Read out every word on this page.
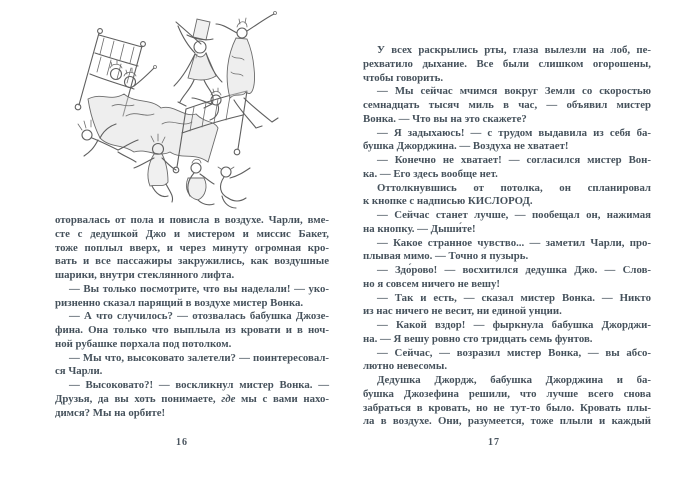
оторвалась от пола и повисла в воздухе. Чарли, вме-
сте с дедушкой Джо и мистером и миссис Бакет,
тоже поплыл вверх, и через минуту огромная кро-
вать и все пассажиры закружились, как воздушные
шарики, внутри стеклянного лифта.
— Вы только посмотрите, что вы наделали! — уко-
ризненно сказал парящий в воздухе мистер Вонка.
— А что случилось? — отозвалась бабушка Джозе-
фина. Она только что выплыла из кровати и в ноч-
ной рубашке порхала под потолком.
— Мы что, высоковато залетели? — поинтересовал-
ся Чарли.
— Высоковато?! — воскликнул мистер Вонка. —
Друзья, да вы хоть понимаете, где мы с вами нахо-
димся? Мы на орбите!
У всех раскрылись рты, глаза вылезли на лоб, пе-
рехватило дыхание. Все были слишком огорошены,
чтобы говорить.
— Мы сейчас мчимся вокруг Земли со скоростью
семнадцать тысяч миль в час, — объявил мистер
Вонка. — Что вы на это скажете?
— Я задыхаюсь! — с трудом выдавила из себя ба-
бушка Джорджина. — Воздуха не хватает!
— Конечно не хватает! — согласился мистер Вон-
ка. — Его здесь вообще нет.
Оттолкнувшись от потолка, он спланировал
к кнопке с надписью КИСЛОРОД.
— Сейчас станет лучше, — пообещал он, нажимая
на кнопку. — Дыши́те!
— Какое странное чувство... — заметил Чарли, про-
плывая мимо. — Точно я пузырь.
— Здо́рово! — восхитился дедушка Джо. — Слов-
но я совсем ничего не вешу!
— Так и есть, — сказал мистер Вонка. — Никто
из нас ничего не весит, ни единой унции.
— Какой вздор! — фыркнула бабушка Джорджи-
на. — Я вешу ровно сто тридцать семь фунтов.
— Сейчас, — возразил мистер Вонка, — вы абсо-
лютно невесомы.
Дедушка Джордж, бабушка Джорджина и ба-
бушка Джозефина решили, что лучше всего снова
забраться в кровать, но не тут-то было. Кровать плы-
ла в воздухе. Они, разумеется, тоже плыли и каждый
16	17
